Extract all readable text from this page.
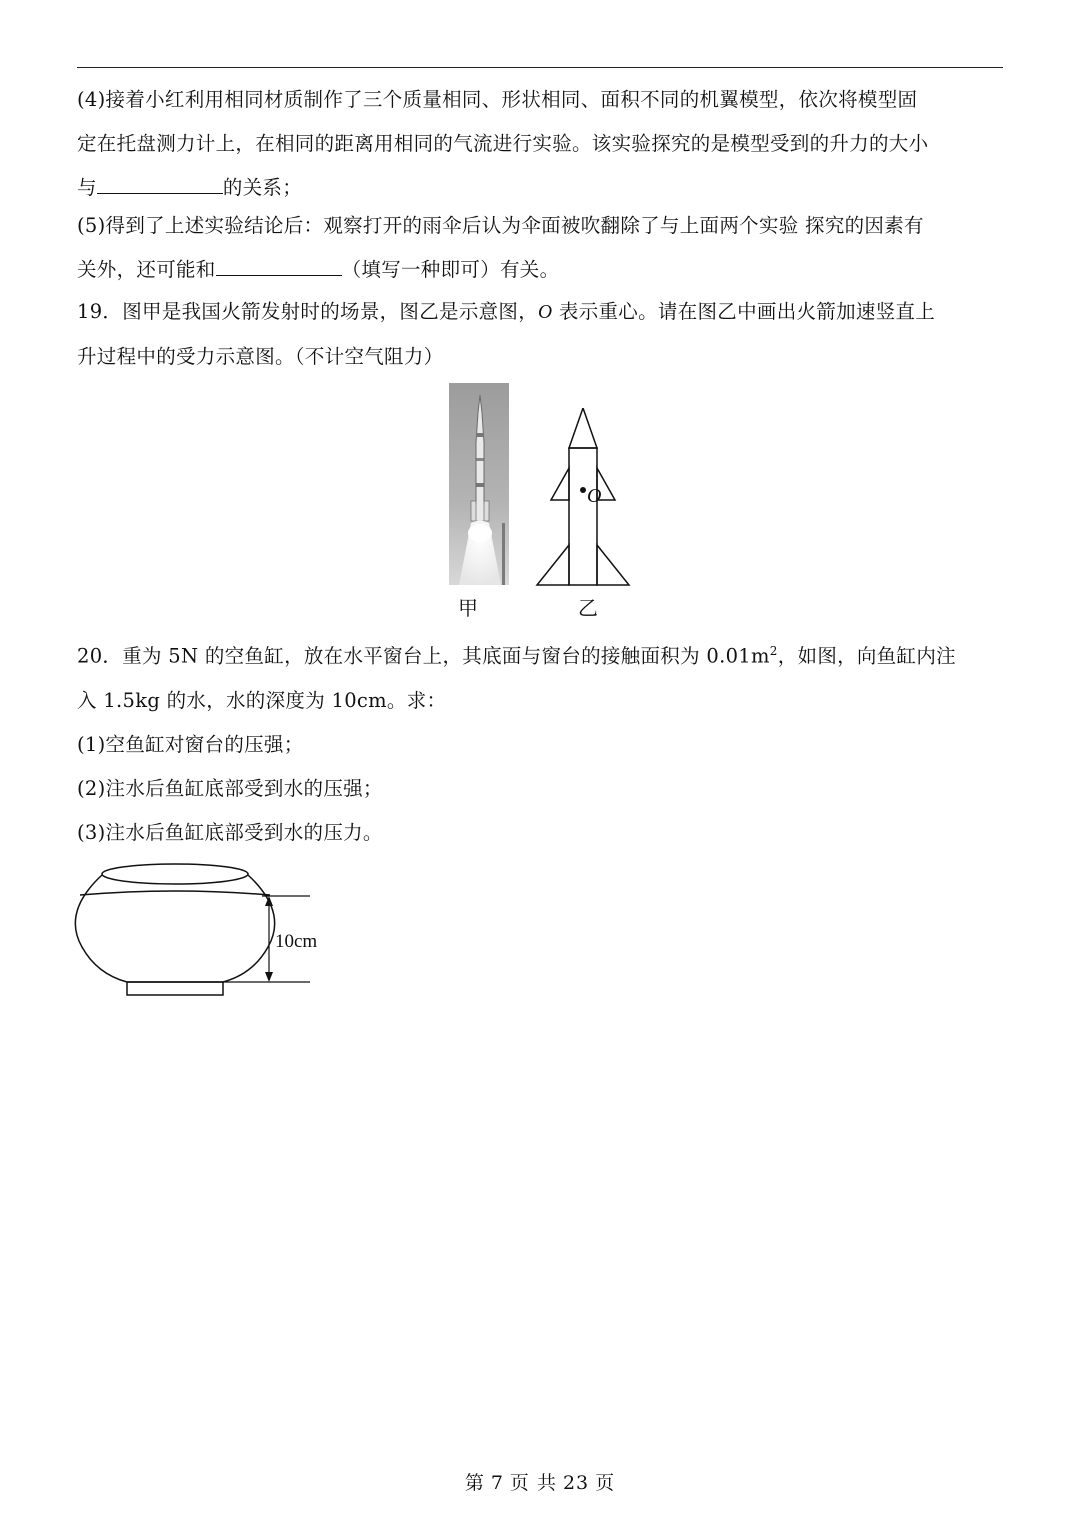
(4)接着小红利用相同材质制作了三个质量相同、形状相同、面积不同的机翼模型，依次将模型固
定在托盘测力计上，在相同的距离用相同的气流进行实验。该实验探究的是模型受到的升力的大小
与	的关系；
(5)得到了上述实验结论后：观察打开的雨伞后认为伞面被吹翻除了与上面两个实验 探究的因素有
关外，还可能和	（填写一种即可）有关。
19．图甲是我国火箭发射时的场景，图乙是示意图，O 表示重心。请在图乙中画出火箭加速竖直上
升过程中的受力示意图。（不计空气阻力）
甲
O
乙
20．重为 5N 的空鱼缸，放在水平窗台上，其底面与窗台的接触面积为 $0.01m^2$，如图，向鱼缸内注
入 1.5kg 的水，水的深度为 10cm。求：
(1)空鱼缸对窗台的压强；
(2)注水后鱼缸底部受到水的压强；
(3)注水后鱼缸底部受到水的压力。
10cm
第 7 页 共 23 页
